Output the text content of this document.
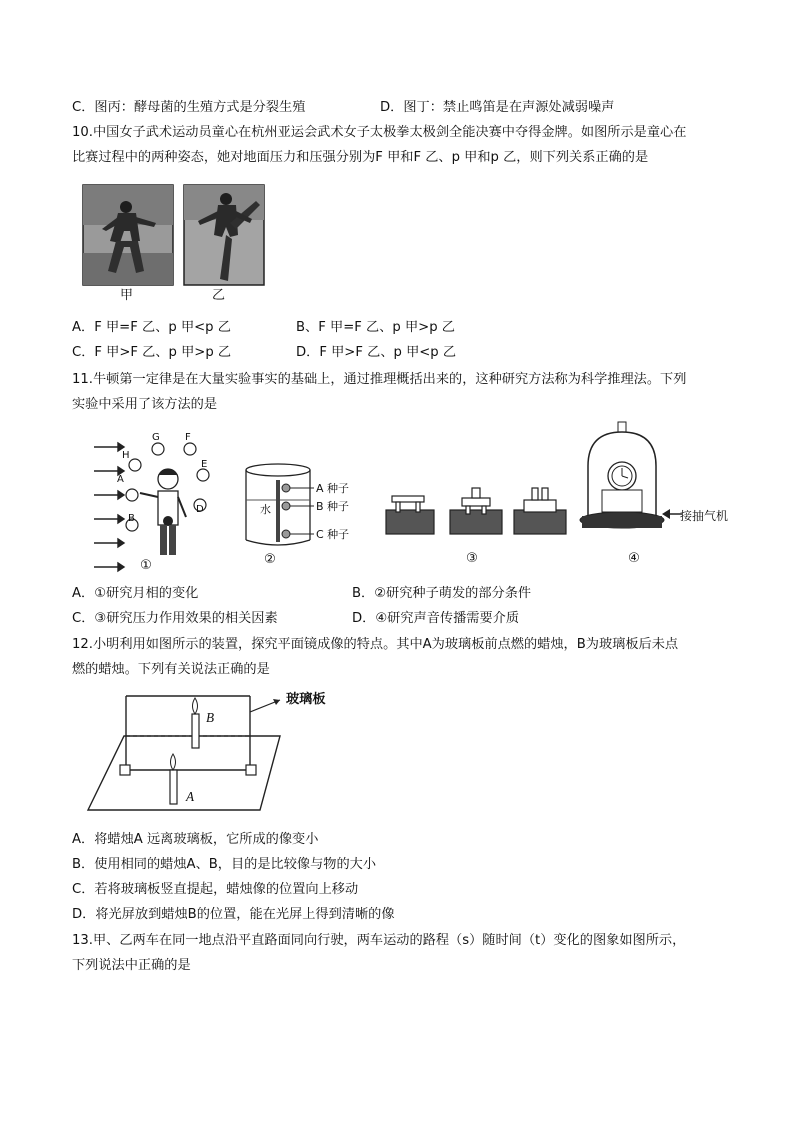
C．图丙：酵母菌的生殖方式是分裂生殖	D．图丁：禁止鸣笛是在声源处减弱噪声
10.中国女子武术运动员童心在杭州亚运会武术女子太极拳太极剑全能决赛中夺得金牌。如图所示是童心在
比赛过程中的两种姿态，她对地面压力和压强分别为F 甲和F 乙、p 甲和p 乙，则下列关系正确的是
甲	乙
A．F 甲=F 乙、p 甲<p 乙	B、F 甲=F 乙、p 甲>p 乙
C．F 甲>F 乙、p 甲>p 乙	D．F 甲>F 乙、p 甲<p 乙
11.牛顿第一定律是在大量实验事实的基础上，通过推理概括出来的，这种研究方法称为科学推理法。下列
实验中采用了该方法的是
G	F
H
E
A
B
D
①
水
A 种子
B 种子
C 种子
②	③
接抽气机
④
A．①研究月相的变化	B．②研究种子萌发的部分条件
C．③研究压力作用效果的相关因素	D．④研究声音传播需要介质
12.小明利用如图所示的装置，探究平面镜成像的特点。其中A为玻璃板前点燃的蜡烛，B为玻璃板后未点
燃的蜡烛。下列有关说法正确的是
玻璃板
B
A
A．将蜡烛A 远离玻璃板，它所成的像变小
B．使用相同的蜡烛A、B，目的是比较像与物的大小
C．若将玻璃板竖直提起，蜡烛像的位置向上移动
D．将光屏放到蜡烛B的位置，能在光屏上得到清晰的像
13.甲、乙两车在同一地点沿平直路面同向行驶，两车运动的路程（s）随时间（t）变化的图象如图所示，
下列说法中正确的是
